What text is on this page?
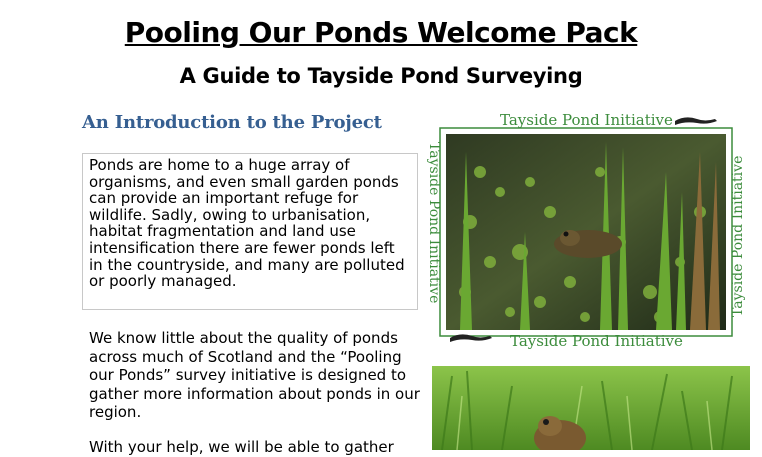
Pooling Our Ponds Welcome Pack
A Guide to Tayside Pond Surveying
An Introduction to the Project

Ponds are home to a huge array of organisms, and even small garden ponds can provide an important refuge for wildlife. Sadly, owing to urbanisation, habitat fragmentation and land use intensification there are fewer ponds left in the countryside, and many are polluted or poorly managed.

We know little about the quality of ponds across much of Scotland and the “Pooling our Ponds” survey initiative is designed to gather more information about ponds in our region.

With your help, we will be able to gather

Tayside Pond Initiative
Tayside Pond Initiative
Tayside Pond Initiative	Tayside Pond Initiative
